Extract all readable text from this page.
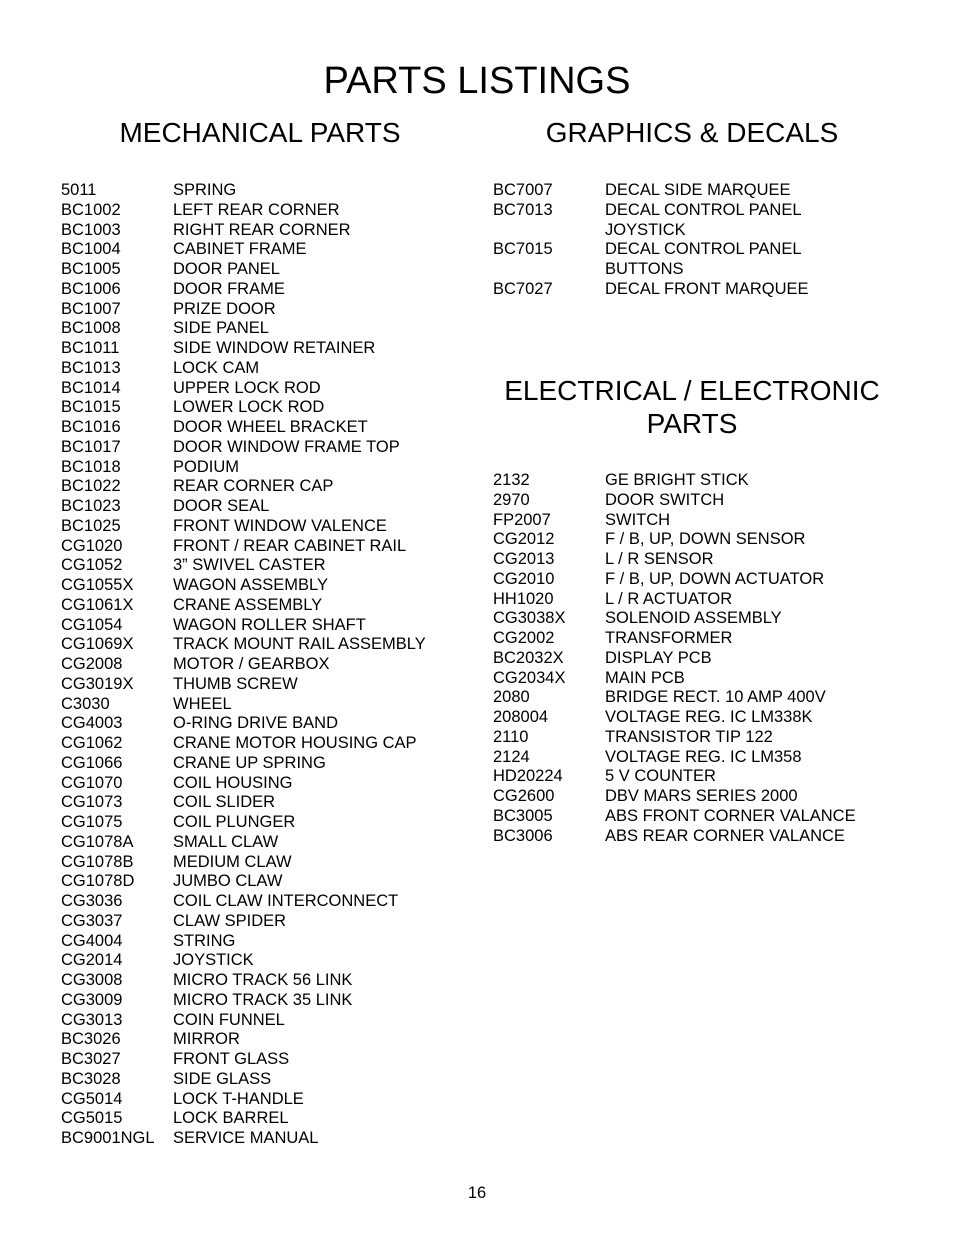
PARTS LISTINGS
MECHANICAL PARTS	GRAPHICS & DECALS
ELECTRICAL / ELECTRONIC
PARTS
5011	SPRING
BC1002	LEFT REAR CORNER
BC1003	RIGHT REAR CORNER
BC1004	CABINET FRAME
BC1005	DOOR PANEL
BC1006	DOOR FRAME
BC1007	PRIZE DOOR
BC1008	SIDE PANEL
BC1011	SIDE WINDOW RETAINER
BC1013	LOCK CAM
BC1014	UPPER LOCK ROD
BC1015	LOWER LOCK ROD
BC1016	DOOR WHEEL BRACKET
BC1017	DOOR WINDOW FRAME TOP
BC1018	PODIUM
BC1022	REAR CORNER CAP
BC1023	DOOR SEAL
BC1025	FRONT WINDOW VALENCE
CG1020	FRONT / REAR CABINET RAIL
CG1052	3” SWIVEL CASTER
CG1055X	WAGON ASSEMBLY
CG1061X	CRANE ASSEMBLY
CG1054	WAGON ROLLER SHAFT
CG1069X	TRACK MOUNT RAIL ASSEMBLY
CG2008	MOTOR / GEARBOX
CG3019X	THUMB SCREW
C3030	WHEEL
CG4003	O-RING DRIVE BAND
CG1062	CRANE MOTOR HOUSING CAP
CG1066	CRANE UP SPRING
CG1070	COIL HOUSING
CG1073	COIL SLIDER
CG1075	COIL PLUNGER
CG1078A	SMALL CLAW
CG1078B	MEDIUM CLAW
CG1078D	JUMBO CLAW
CG3036	COIL CLAW INTERCONNECT
CG3037	CLAW SPIDER
CG4004	STRING
CG2014	JOYSTICK
CG3008	MICRO TRACK 56 LINK
CG3009	MICRO TRACK 35 LINK
CG3013	COIN FUNNEL
BC3026	MIRROR
BC3027	FRONT GLASS
BC3028	SIDE GLASS
CG5014	LOCK T-HANDLE
CG5015	LOCK BARREL
BC9001NGL	SERVICE MANUAL
BC7007	DECAL SIDE MARQUEE
BC7013	DECAL CONTROL PANEL
JOYSTICK
BC7015	DECAL CONTROL PANEL
BUTTONS
BC7027	DECAL FRONT MARQUEE
2132	GE BRIGHT STICK
2970	DOOR SWITCH
FP2007	SWITCH
CG2012	F / B, UP, DOWN SENSOR
CG2013	L / R SENSOR
CG2010	F / B, UP, DOWN ACTUATOR
HH1020	L / R ACTUATOR
CG3038X	SOLENOID ASSEMBLY
CG2002	TRANSFORMER
BC2032X	DISPLAY PCB
CG2034X	MAIN PCB
2080	BRIDGE RECT. 10 AMP 400V
208004	VOLTAGE REG. IC LM338K
2110	TRANSISTOR TIP 122
2124	VOLTAGE REG. IC LM358
HD20224	5 V COUNTER
CG2600	DBV MARS SERIES 2000
BC3005	ABS FRONT CORNER VALANCE
BC3006	ABS REAR CORNER VALANCE
16
